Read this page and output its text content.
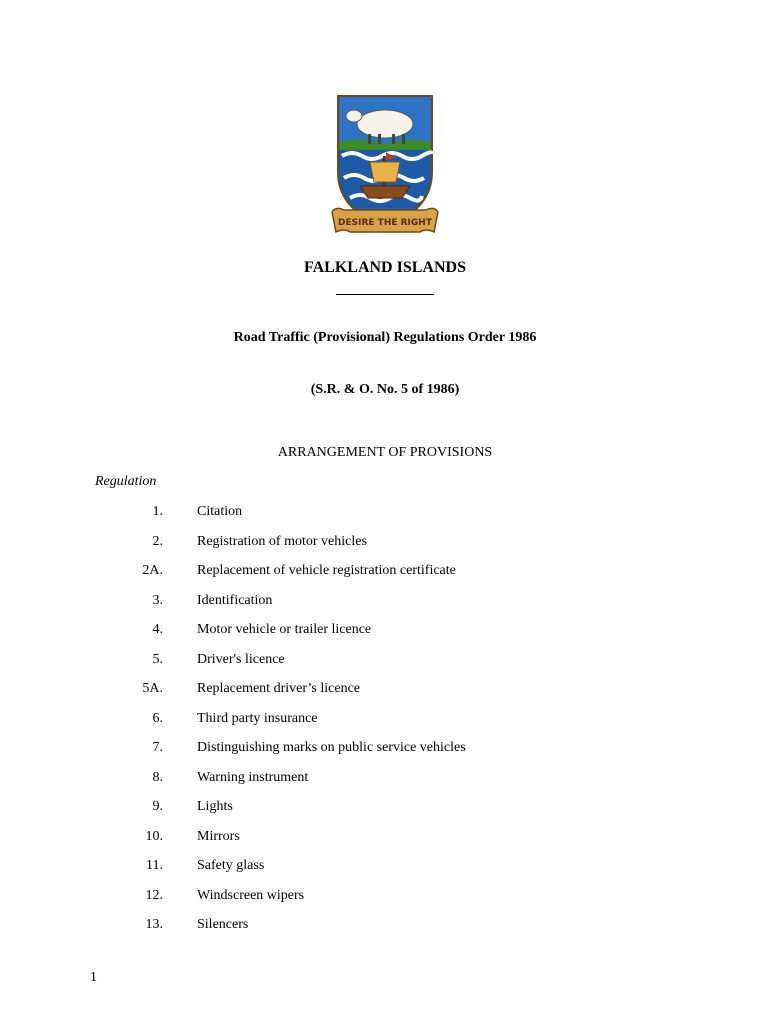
DESIRE THE RIGHT
FALKLAND ISLANDS
Road Traffic (Provisional) Regulations Order 1986
(S.R. & O. No. 5 of 1986)
ARRANGEMENT OF PROVISIONS
Regulation
1. Citation
2. Registration of motor vehicles
2A. Replacement of vehicle registration certificate
3. Identification
4. Motor vehicle or trailer licence
5. Driver's licence
5A. Replacement driver’s licence
6. Third party insurance
7. Distinguishing marks on public service vehicles
8. Warning instrument
9. Lights
10. Mirrors
11. Safety glass
12. Windscreen wipers
13. Silencers
1
